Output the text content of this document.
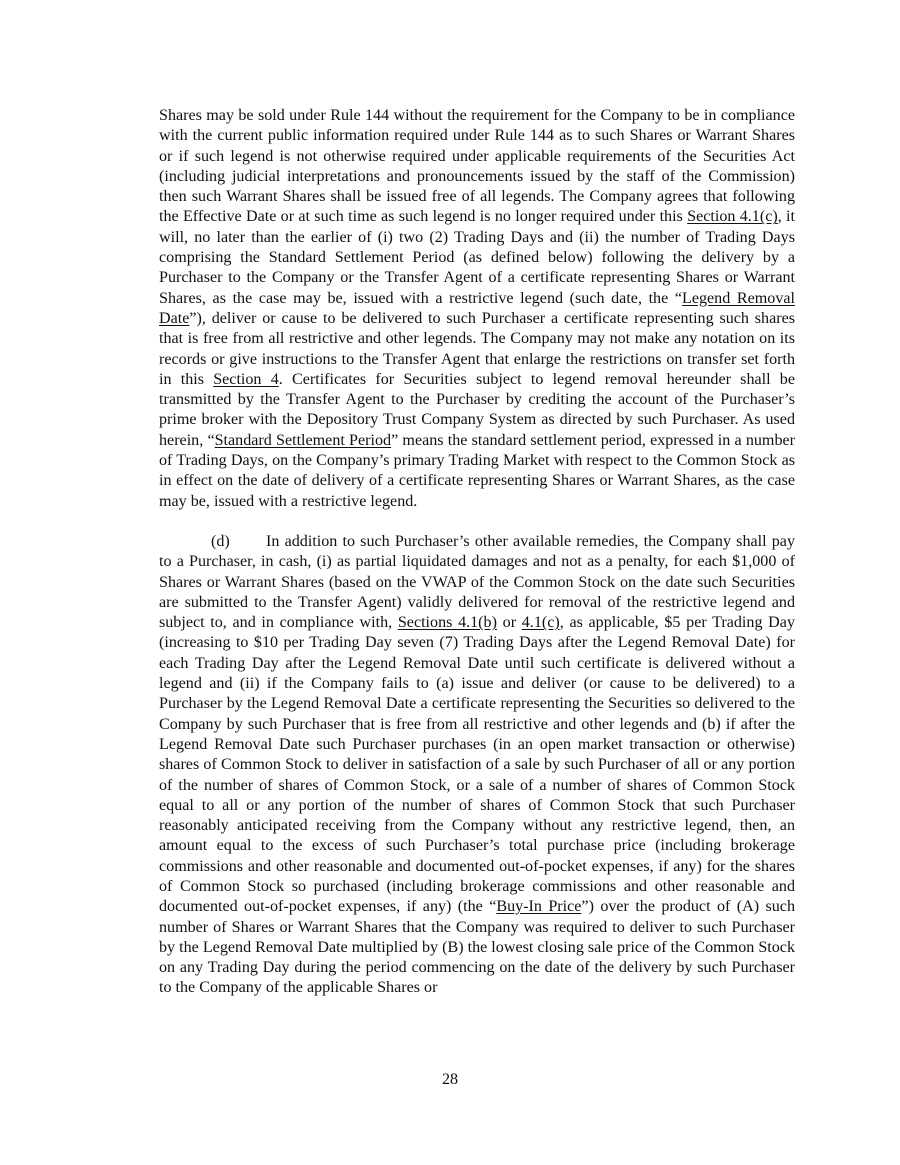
Shares may be sold under Rule 144 without the requirement for the Company to be in compliance with the current public information required under Rule 144 as to such Shares or Warrant Shares or if such legend is not otherwise required under applicable requirements of the Securities Act (including judicial interpretations and pronouncements issued by the staff of the Commission) then such Warrant Shares shall be issued free of all legends. The Company agrees that following the Effective Date or at such time as such legend is no longer required under this Section 4.1(c), it will, no later than the earlier of (i) two (2) Trading Days and (ii) the number of Trading Days comprising the Standard Settlement Period (as defined below) following the delivery by a Purchaser to the Company or the Transfer Agent of a certificate representing Shares or Warrant Shares, as the case may be, issued with a restrictive legend (such date, the “Legend Removal Date”), deliver or cause to be delivered to such Purchaser a certificate representing such shares that is free from all restrictive and other legends. The Company may not make any notation on its records or give instructions to the Transfer Agent that enlarge the restrictions on transfer set forth in this Section 4. Certificates for Securities subject to legend removal hereunder shall be transmitted by the Transfer Agent to the Purchaser by crediting the account of the Purchaser’s prime broker with the Depository Trust Company System as directed by such Purchaser. As used herein, “Standard Settlement Period” means the standard settlement period, expressed in a number of Trading Days, on the Company’s primary Trading Market with respect to the Common Stock as in effect on the date of delivery of a certificate representing Shares or Warrant Shares, as the case may be, issued with a restrictive legend.

(d) In addition to such Purchaser’s other available remedies, the Company shall pay to a Purchaser, in cash, (i) as partial liquidated damages and not as a penalty, for each $1,000 of Shares or Warrant Shares (based on the VWAP of the Common Stock on the date such Securities are submitted to the Transfer Agent) validly delivered for removal of the restrictive legend and subject to, and in compliance with, Sections 4.1(b) or 4.1(c), as applicable, $5 per Trading Day (increasing to $10 per Trading Day seven (7) Trading Days after the Legend Removal Date) for each Trading Day after the Legend Removal Date until such certificate is delivered without a legend and (ii) if the Company fails to (a) issue and deliver (or cause to be delivered) to a Purchaser by the Legend Removal Date a certificate representing the Securities so delivered to the Company by such Purchaser that is free from all restrictive and other legends and (b) if after the Legend Removal Date such Purchaser purchases (in an open market transaction or otherwise) shares of Common Stock to deliver in satisfaction of a sale by such Purchaser of all or any portion of the number of shares of Common Stock, or a sale of a number of shares of Common Stock equal to all or any portion of the number of shares of Common Stock that such Purchaser reasonably anticipated receiving from the Company without any restrictive legend, then, an amount equal to the excess of such Purchaser’s total purchase price (including brokerage commissions and other reasonable and documented out-of-pocket expenses, if any) for the shares of Common Stock so purchased (including brokerage commissions and other reasonable and documented out-of-pocket expenses, if any) (the “Buy-In Price”) over the product of (A) such number of Shares or Warrant Shares that the Company was required to deliver to such Purchaser by the Legend Removal Date multiplied by (B) the lowest closing sale price of the Common Stock on any Trading Day during the period commencing on the date of the delivery by such Purchaser to the Company of the applicable Shares or

28
